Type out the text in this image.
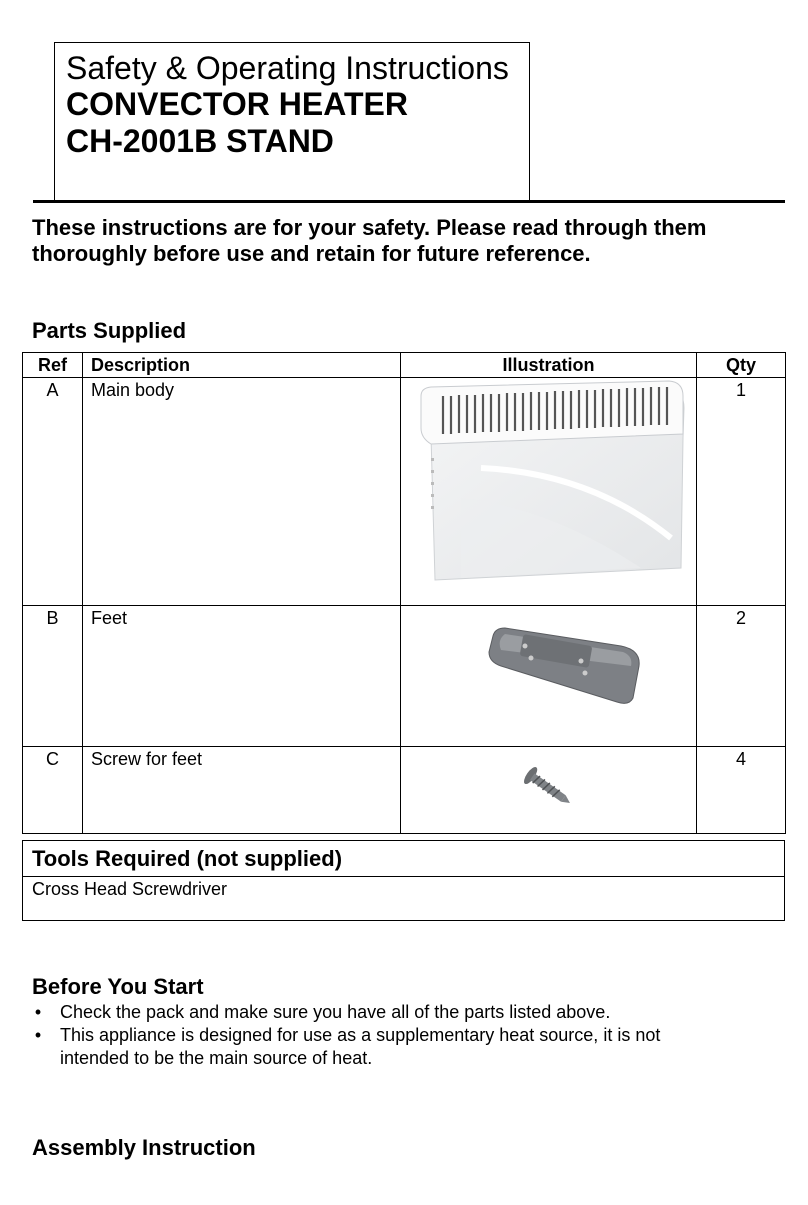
Safety & Operating Instructions
CONVECTOR HEATER
CH-2001B STAND
These instructions are for your safety. Please read through them thoroughly before use and retain for future reference.
Parts Supplied
Ref	Description	Illustration	Qty
A	Main body		1
B	Feet		2
C	Screw for feet		4
Tools Required (not supplied)
Cross Head Screwdriver
Before You Start
• Check the pack and make sure you have all of the parts listed above.
• This appliance is designed for use as a supplementary heat source, it is not intended to be the main source of heat.
Assembly Instruction
